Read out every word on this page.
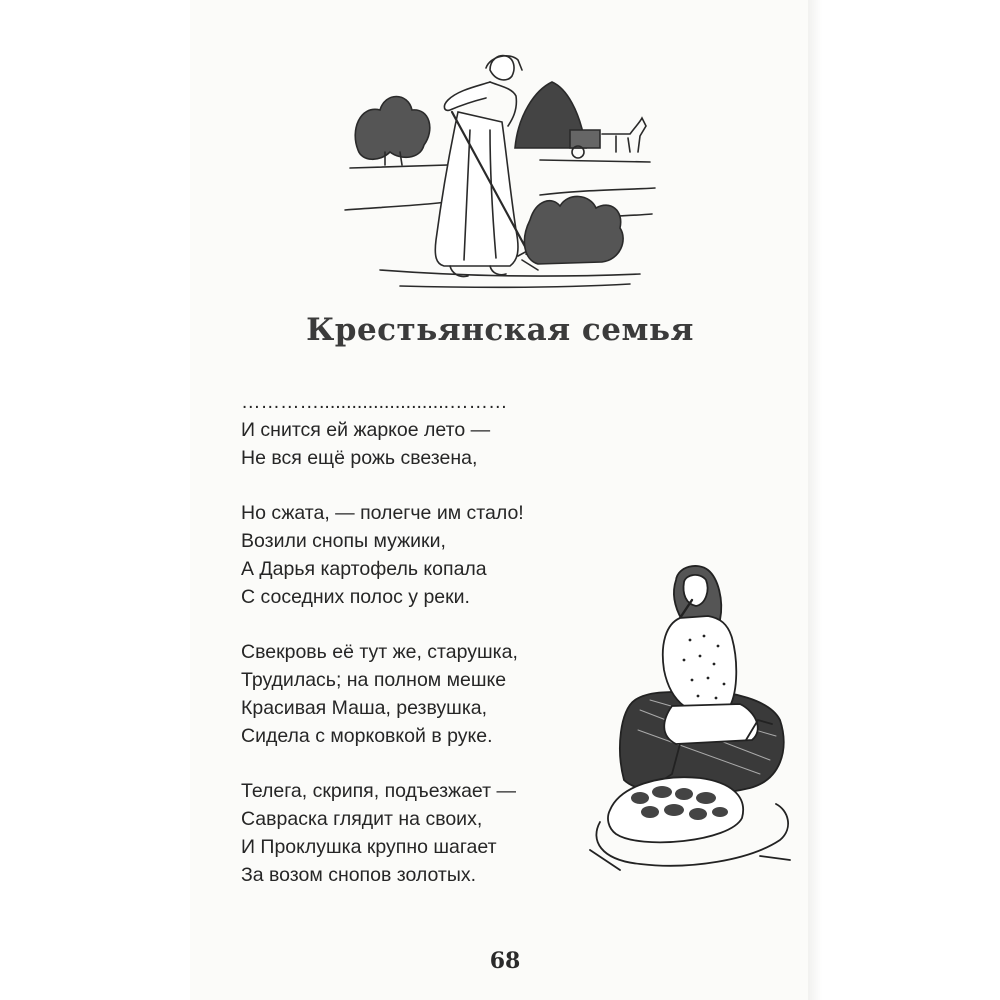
Крестьянская семья
…………........................………
И снится ей жаркое лето —
Не вся ещё рожь свезена,
Но сжата, — полегче им стало!
Возили снопы мужики,
А Дарья картофель копала
С соседних полос у реки.
Свекровь её тут же, старушка,
Трудилась; на полном мешке
Красивая Маша, резвушка,
Сидела с морковкой в руке.
Телега, скрипя, подъезжает —
Савраска глядит на своих,
И Проклушка крупно шагает
За возом снопов золотых.
68
